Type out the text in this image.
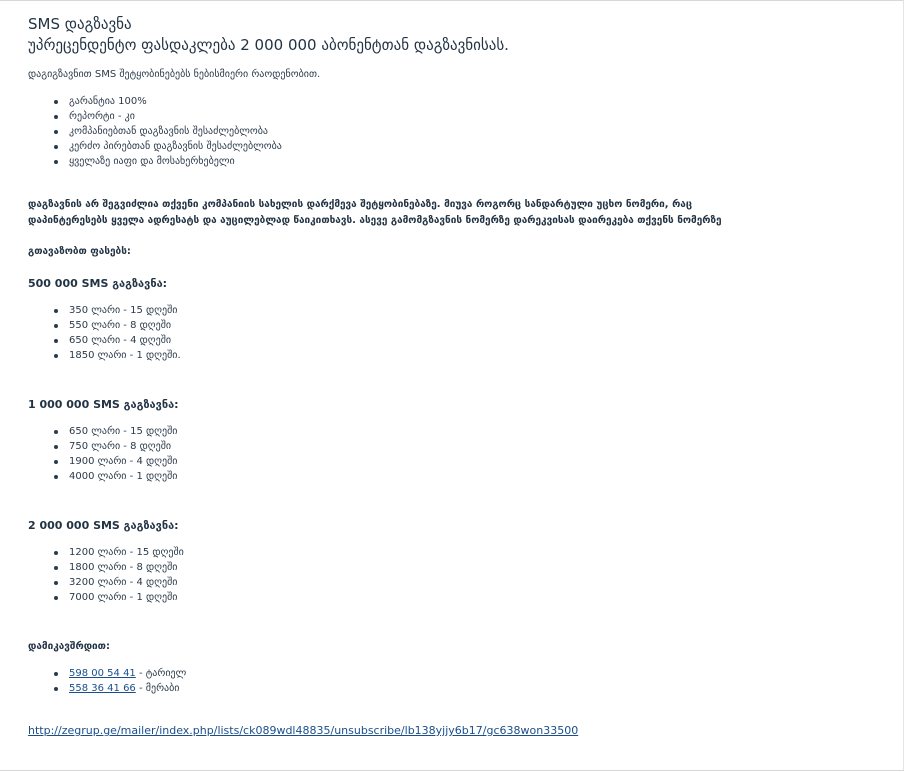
SMS დაგზავნა
უპრეცენდენტო ფასდაკლება 2 000 000 აბონენტთან დაგზავნისას.

დაგიგზავნით SMS შეტყობინებებს ნებისმიერი რაოდენობით.

გარანტია 100%
რეპორტი - კი
კომპანიებთან დაგზავნის შესაძლებლობა
კერძო პირებთან დაგზავნის შესაძლებლობა
ყველაზე იაფი და მოსახერხებელი

დაგზავნის არ შეგვიძლია თქვენი კომპანიის სახელის დარქმევა შეტყობინებაზე. მიუვა როგორც სანდარტული უცხო ნომერი, რაც
დაპინტერესებს ყველა ადრესატს და აუცილებლად წაიკითხავს. ასევე გამომგზავნის ნომერზე დარეკვისას დაირეკება თქვენს ნომერზე

გთავაზობთ ფასებს:

500 000 SMS გაგზავნა:

350 ლარი - 15 დღეში
550 ლარი - 8 დღეში
650 ლარი - 4 დღეში
1850 ლარი - 1 დღეში.

1 000 000 SMS გაგზავნა:

650 ლარი - 15 დღეში
750 ლარი - 8 დღეში
1900 ლარი - 4 დღეში
4000 ლარი - 1 დღეში

2 000 000 SMS გაგზავნა:

1200 ლარი - 15 დღეში
1800 ლარი - 8 დღეში
3200 ლარი - 4 დღეში
7000 ლარი - 1 დღეში

დამიკავშრდით:

598 00 54 41 - ტარიელ
558 36 41 66 - მერაბი
http://zegrup.ge/mailer/index.php/lists/ck089wdl48835/unsubscribe/lb138yjjy6b17/gc638won33500
